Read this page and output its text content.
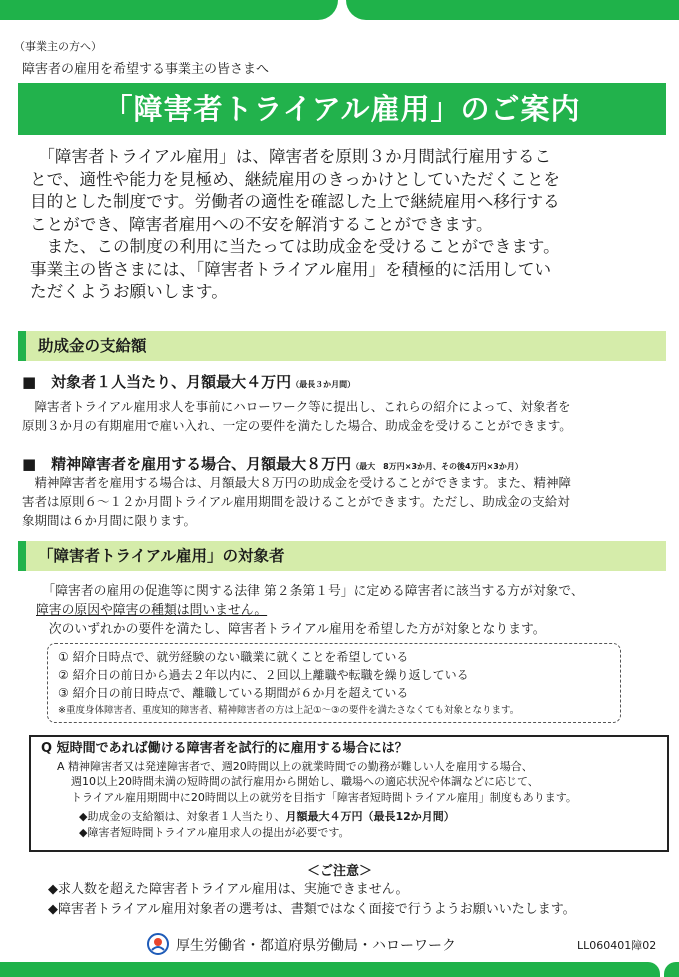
（事業主の方へ）
障害者の雇用を希望する事業主の皆さまへ
「障害者トライアル雇用」のご案内

　「障害者トライアル雇用」は、障害者を原則３か月間試行雇用するこ

とで、適性や能力を見極め、継続雇用のきっかけとしていただくことを

目的とした制度です。労働者の適性を確認した上で継続雇用へ移行する

ことができ、障害者雇用への不安を解消することができます。

　また、この制度の利用に当たっては助成金を受けることができます。

事業主の皆さまには、「障害者トライアル雇用」を積極的に活用してい

ただくようお願いします。

助成金の支給額
■　対象者１人当たり、月額最大４万円（最長３か月間）
　障害者トライアル雇用求人を事前にハローワーク等に提出し、これらの紹介によって、対象者を
原則３か月の有期雇用で雇い入れ、一定の要件を満たした場合、助成金を受けることができます。
■　精神障害者を雇用する場合、月額最大８万円（最大　8万円×3か月、その後4万円×3か月）
　精神障害者を雇用する場合は、月額最大８万円の助成金を受けることができます。また、精神障
害者は原則６～１２か月間トライアル雇用期間を設けることができます。ただし、助成金の支給対
象期間は６か月間に限ります。
「障害者トライアル雇用」の対象者
　「障害者の雇用の促進等に関する法律 第２条第１号」に定める障害者に該当する方が対象で、
障害の原因や障害の種類は問いません。
　次のいずれかの要件を満たし、障害者トライアル雇用を希望した方が対象となります。
① 紹介日時点で、就労経験のない職業に就くことを希望している
② 紹介日の前日から過去２年以内に、２回以上離職や転職を繰り返している
③ 紹介日の前日時点で、離職している期間が６か月を超えている
※重度身体障害者、重度知的障害者、精神障害者の方は上記①～③の要件を満たさなくても対象となります。
Q 短時間であれば働ける障害者を試行的に雇用する場合には？
A 精神障害者又は発達障害者で、週20時間以上の就業時間での勤務が難しい人を雇用する場合、
週10以上20時間未満の短時間の試行雇用から開始し、職場への適応状況や体調などに応じて、
トライアル雇用期間中に20時間以上の就労を目指す「障害者短時間トライアル雇用」制度もあります。
◆助成金の支給額は、対象者１人当たり、月額最大４万円（最長12か月間）
◆障害者短時間トライアル雇用求人の提出が必要です。
＜ご注意＞
◆求人数を超えた障害者トライアル雇用は、実施できません。
◆障害者トライアル雇用対象者の選考は、書類ではなく面接で行うようお願いいたします。
厚生労働省・都道府県労働局・ハローワーク	LL060401障02
